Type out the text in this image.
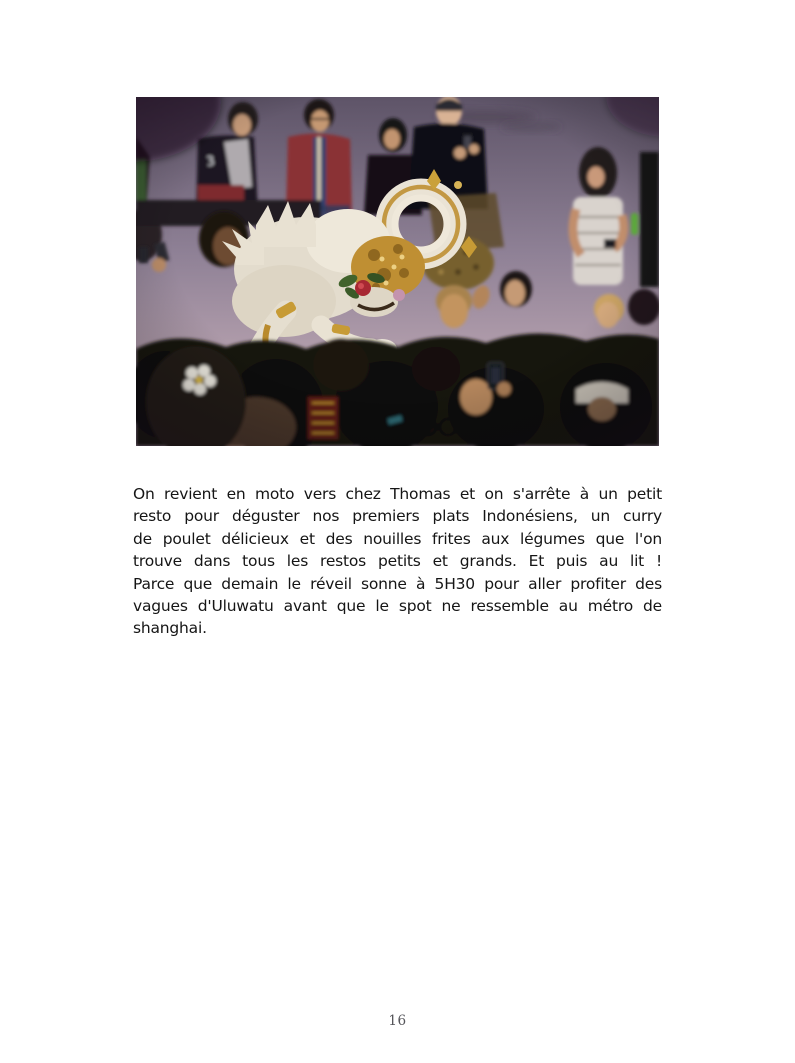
On revient en moto vers chez Thomas et on s'arrête à un petit
resto pour déguster nos premiers plats Indonésiens, un curry
de poulet délicieux et des nouilles frites aux légumes que l'on
trouve dans tous les restos petits et grands. Et puis au lit !
Parce que demain le réveil sonne à 5H30 pour aller profiter des
vagues d'Uluwatu avant que le spot ne ressemble au métro de
shanghai.
16
